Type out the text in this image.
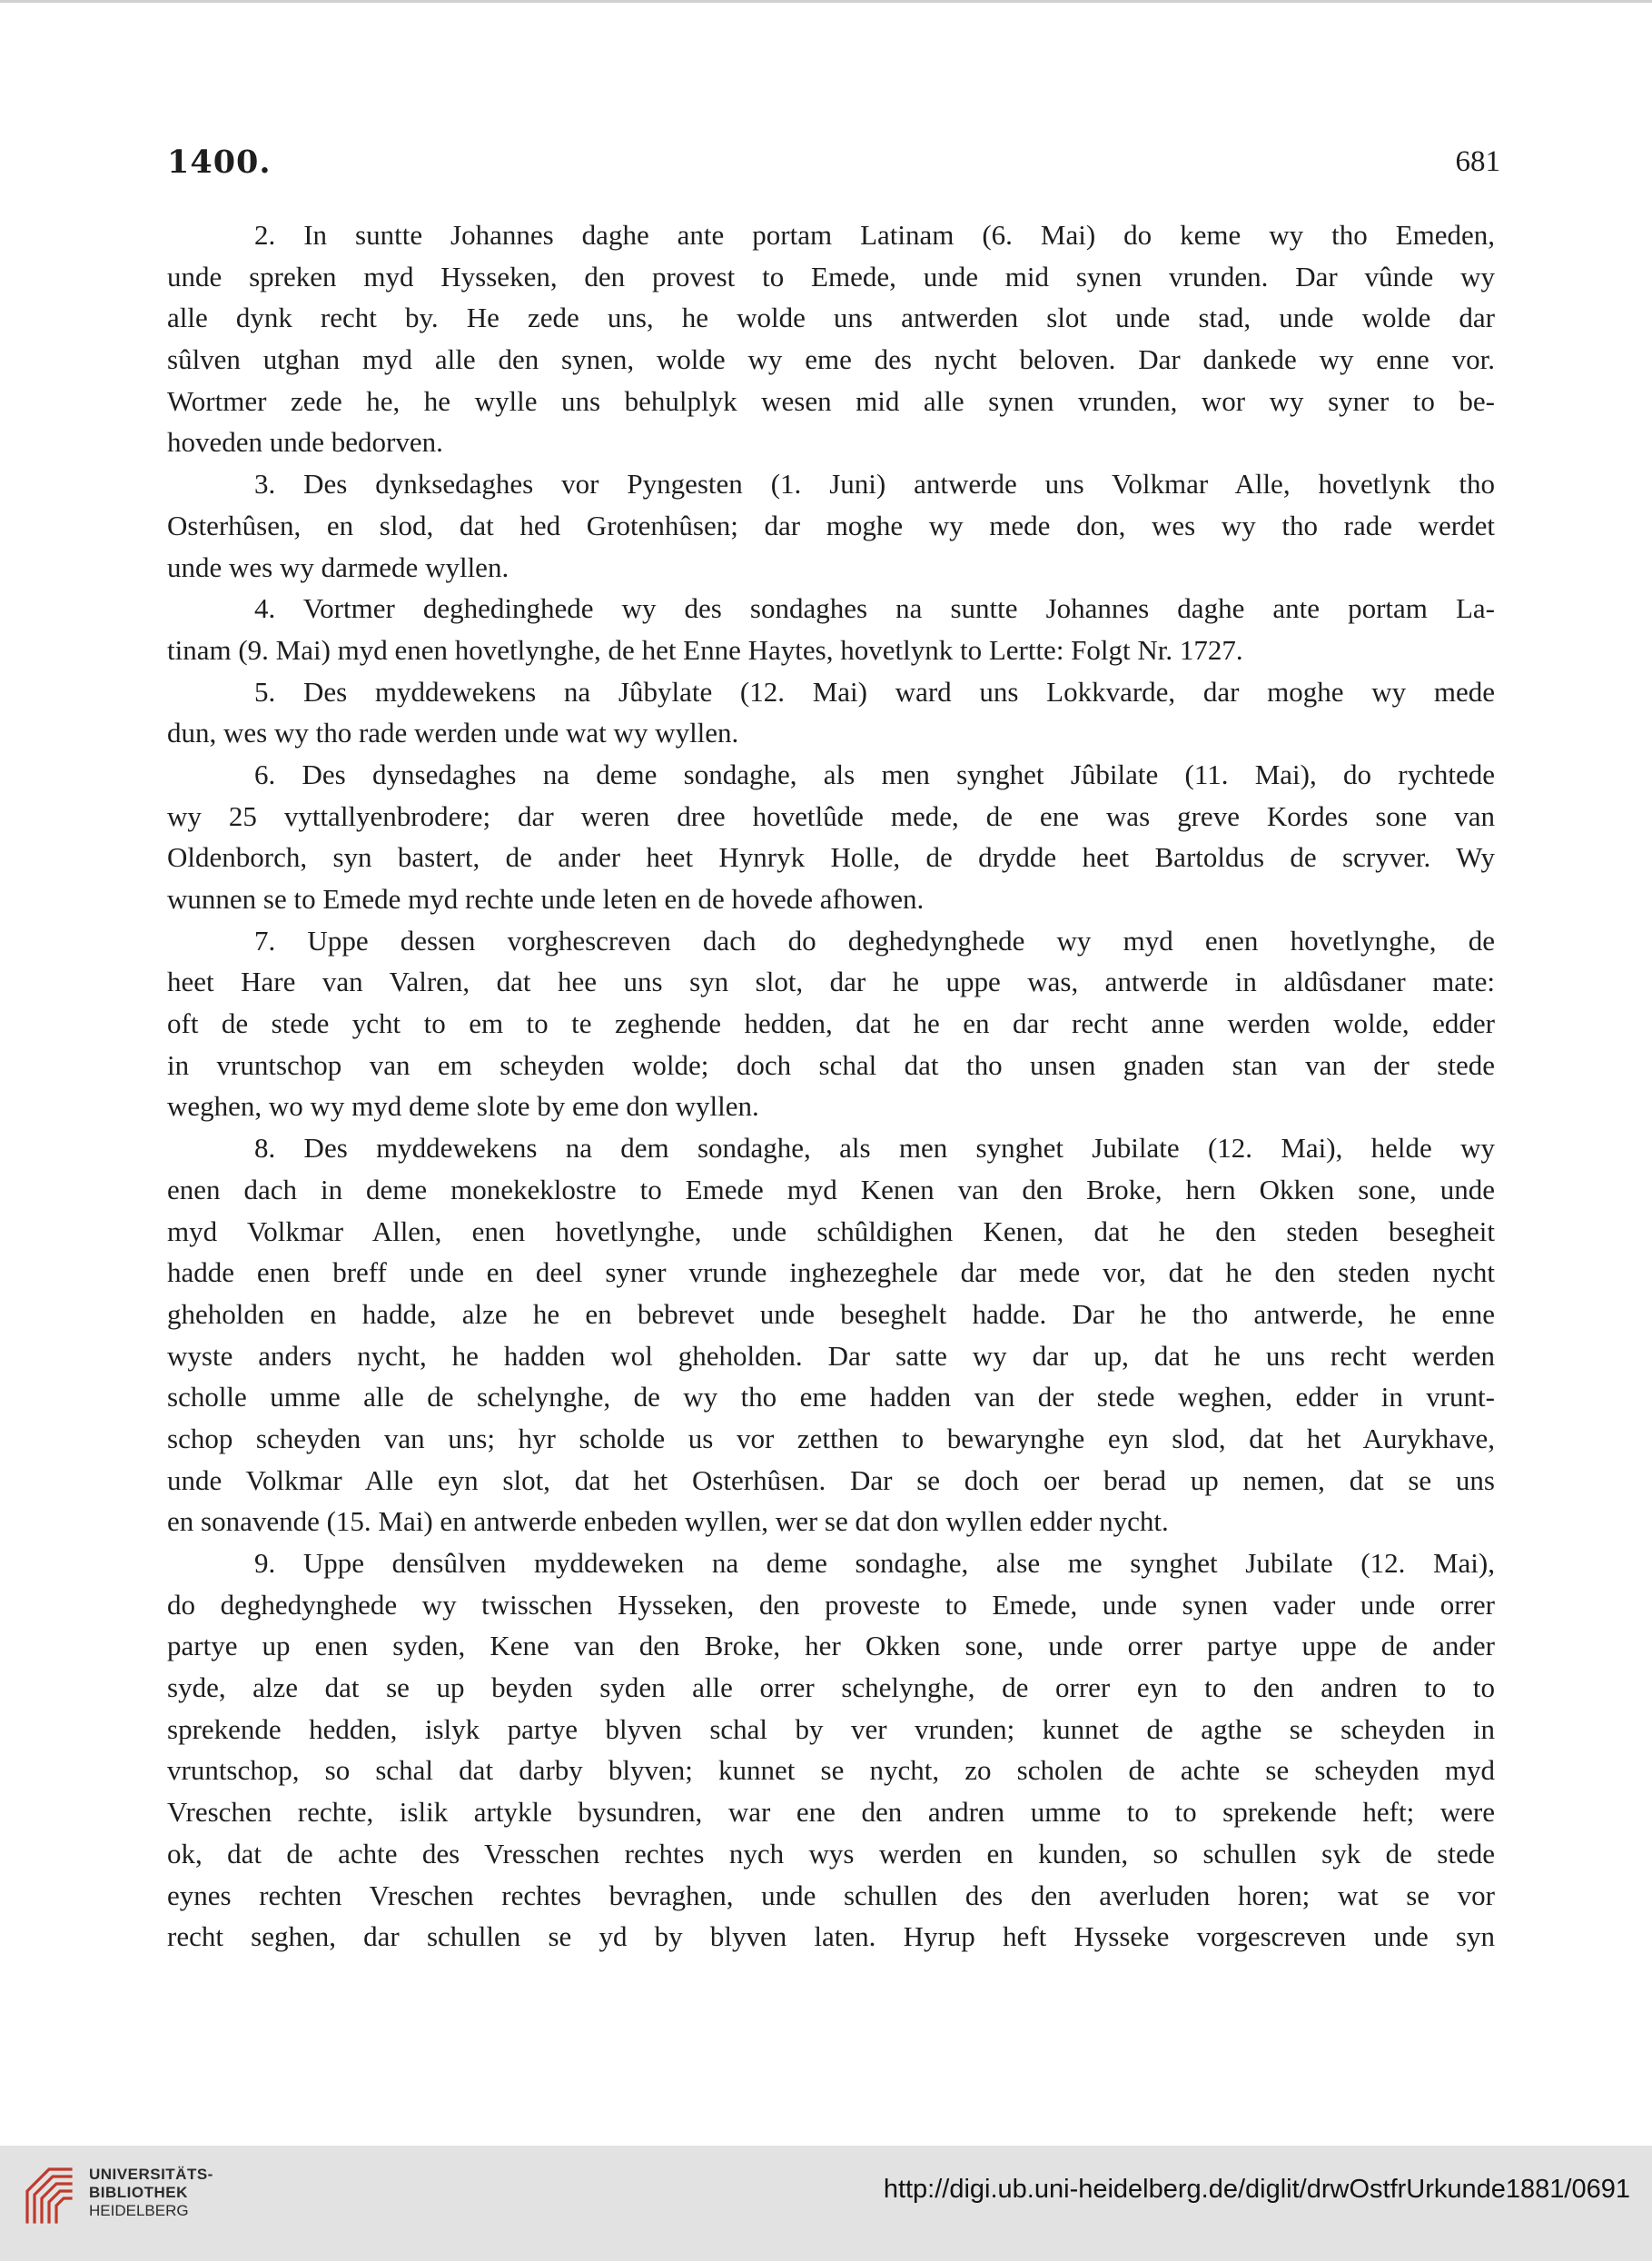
1400.	681
2. In suntte Johannes daghe ante portam Latinam (6. Mai) do keme wy tho Emeden,
unde spreken myd Hysseken, den provest to Emede, unde mid synen vrunden. Dar vûnde wy
alle dynk recht by. He zede uns, he wolde uns antwerden slot unde stad, unde wolde dar
sûlven utghan myd alle den synen, wolde wy eme des nycht beloven. Dar dankede wy enne vor.
Wortmer zede he, he wylle uns behulplyk wesen mid alle synen vrunden, wor wy syner to be-
hoveden unde bedorven.
3. Des dynksedaghes vor Pyngesten (1. Juni) antwerde uns Volkmar Alle, hovetlynk tho
Osterhûsen, en slod, dat hed Grotenhûsen; dar moghe wy mede don, wes wy tho rade werdet
unde wes wy darmede wyllen.
4. Vortmer deghedinghede wy des sondaghes na suntte Johannes daghe ante portam La-
tinam (9. Mai) myd enen hovetlynghe, de het Enne Haytes, hovetlynk to Lertte: Folgt Nr. 1727.
5. Des myddewekens na Jûbylate (12. Mai) ward uns Lokkvarde, dar moghe wy mede
dun, wes wy tho rade werden unde wat wy wyllen.
6. Des dynsedaghes na deme sondaghe, als men synghet Jûbilate (11. Mai), do rychtede
wy 25 vyttallyenbrodere; dar weren dree hovetlûde mede, de ene was greve Kordes sone van
Oldenborch, syn bastert, de ander heet Hynryk Holle, de drydde heet Bartoldus de scryver. Wy
wunnen se to Emede myd rechte unde leten en de hovede afhowen.
7. Uppe dessen vorghescreven dach do deghedynghede wy myd enen hovetlynghe, de
heet Hare van Valren, dat hee uns syn slot, dar he uppe was, antwerde in aldûsdaner mate:
oft de stede ycht to em to te zeghende hedden, dat he en dar recht anne werden wolde, edder
in vruntschop van em scheyden wolde; doch schal dat tho unsen gnaden stan van der stede
weghen, wo wy myd deme slote by eme don wyllen.
8. Des myddewekens na dem sondaghe, als men synghet Jubilate (12. Mai), helde wy
enen dach in deme monekeklostre to Emede myd Kenen van den Broke, hern Okken sone, unde
myd Volkmar Allen, enen hovetlynghe, unde schûldighen Kenen, dat he den steden besegheit
hadde enen breff unde en deel syner vrunde inghezeghele dar mede vor, dat he den steden nycht
gheholden en hadde, alze he en bebrevet unde beseghelt hadde. Dar he tho antwerde, he enne
wyste anders nycht, he hadden wol gheholden. Dar satte wy dar up, dat he uns recht werden
scholle umme alle de schelynghe, de wy tho eme hadden van der stede weghen, edder in vrunt-
schop scheyden van uns; hyr scholde us vor zetthen to bewarynghe eyn slod, dat het Aurykhave,
unde Volkmar Alle eyn slot, dat het Osterhûsen. Dar se doch oer berad up nemen, dat se uns
en sonavende (15. Mai) en antwerde enbeden wyllen, wer se dat don wyllen edder nycht.
9. Uppe densûlven myddeweken na deme sondaghe, alse me synghet Jubilate (12. Mai),
do deghedynghede wy twisschen Hysseken, den proveste to Emede, unde synen vader unde orrer
partye up enen syden, Kene van den Broke, her Okken sone, unde orrer partye uppe de ander
syde, alze dat se up beyden syden alle orrer schelynghe, de orrer eyn to den andren to to
sprekende hedden, islyk partye blyven schal by ver vrunden; kunnet de agthe se scheyden in
vruntschop, so schal dat darby blyven; kunnet se nycht, zo scholen de achte se scheyden myd
Vreschen rechte, islik artykle bysundren, war ene den andren umme to to sprekende heft; were
ok, dat de achte des Vresschen rechtes nych wys werden en kunden, so schullen syk de stede
eynes rechten Vreschen rechtes bevraghen, unde schullen des den averluden horen; wat se vor
recht seghen, dar schullen se yd by blyven laten. Hyrup heft Hysseke vorgescreven unde syn
UNIVERSITÄTS-
BIBLIOTHEK
HEIDELBERG
http://digi.ub.uni-heidelberg.de/diglit/drwOstfrUrkunde1881/0691
